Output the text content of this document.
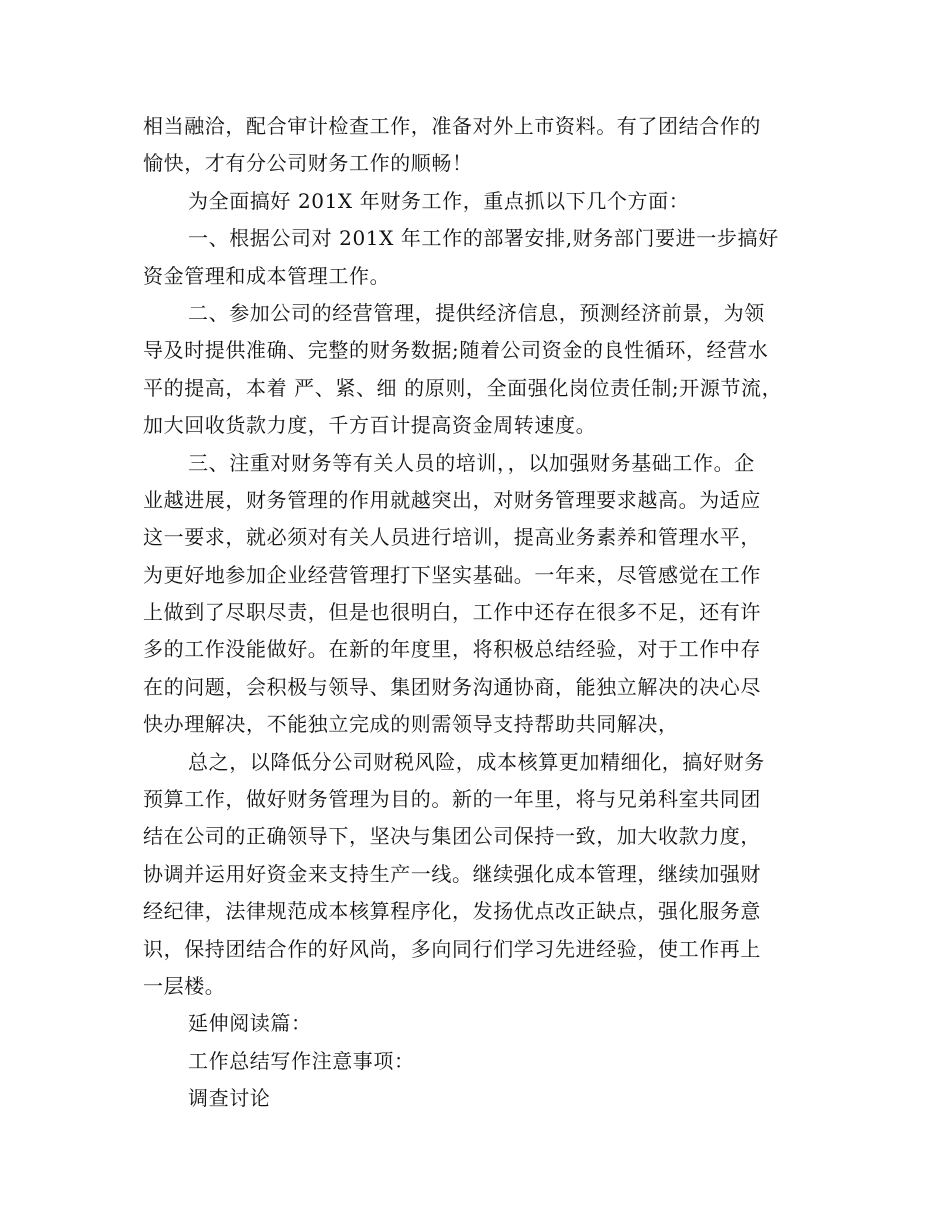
相当融洽，配合审计检查工作，准备对外上市资料。有了团结合作的
愉快，才有分公司财务工作的顺畅！
为全面搞好 201X 年财务工作，重点抓以下几个方面：
一、根据公司对 201X 年工作的部署安排,财务部门要进一步搞好
资金管理和成本管理工作。
二、参加公司的经营管理，提供经济信息，预测经济前景，为领
导及时提供准确、完整的财务数据;随着公司资金的良性循环，经营水
平的提高，本着 严、紧、细 的原则，全面强化岗位责任制;开源节流，
加大回收货款力度，千方百计提高资金周转速度。
三、注重对财务等有关人员的培训，，以加强财务基础工作。企
业越进展，财务管理的作用就越突出，对财务管理要求越高。为适应
这一要求，就必须对有关人员进行培训，提高业务素养和管理水平，
为更好地参加企业经营管理打下坚实基础。一年来，尽管感觉在工作
上做到了尽职尽责，但是也很明白，工作中还存在很多不足，还有许
多的工作没能做好。在新的年度里，将积极总结经验，对于工作中存
在的问题，会积极与领导、集团财务沟通协商，能独立解决的决心尽
快办理解决，不能独立完成的则需领导支持帮助共同解决，
总之，以降低分公司财税风险，成本核算更加精细化，搞好财务
预算工作，做好财务管理为目的。新的一年里，将与兄弟科室共同团
结在公司的正确领导下，坚决与集团公司保持一致，加大收款力度，
协调并运用好资金来支持生产一线。继续强化成本管理，继续加强财
经纪律，法律规范成本核算程序化，发扬优点改正缺点，强化服务意
识，保持团结合作的好风尚，多向同行们学习先进经验，使工作再上
一层楼。
延伸阅读篇：
工作总结写作注意事项：
调查讨论
